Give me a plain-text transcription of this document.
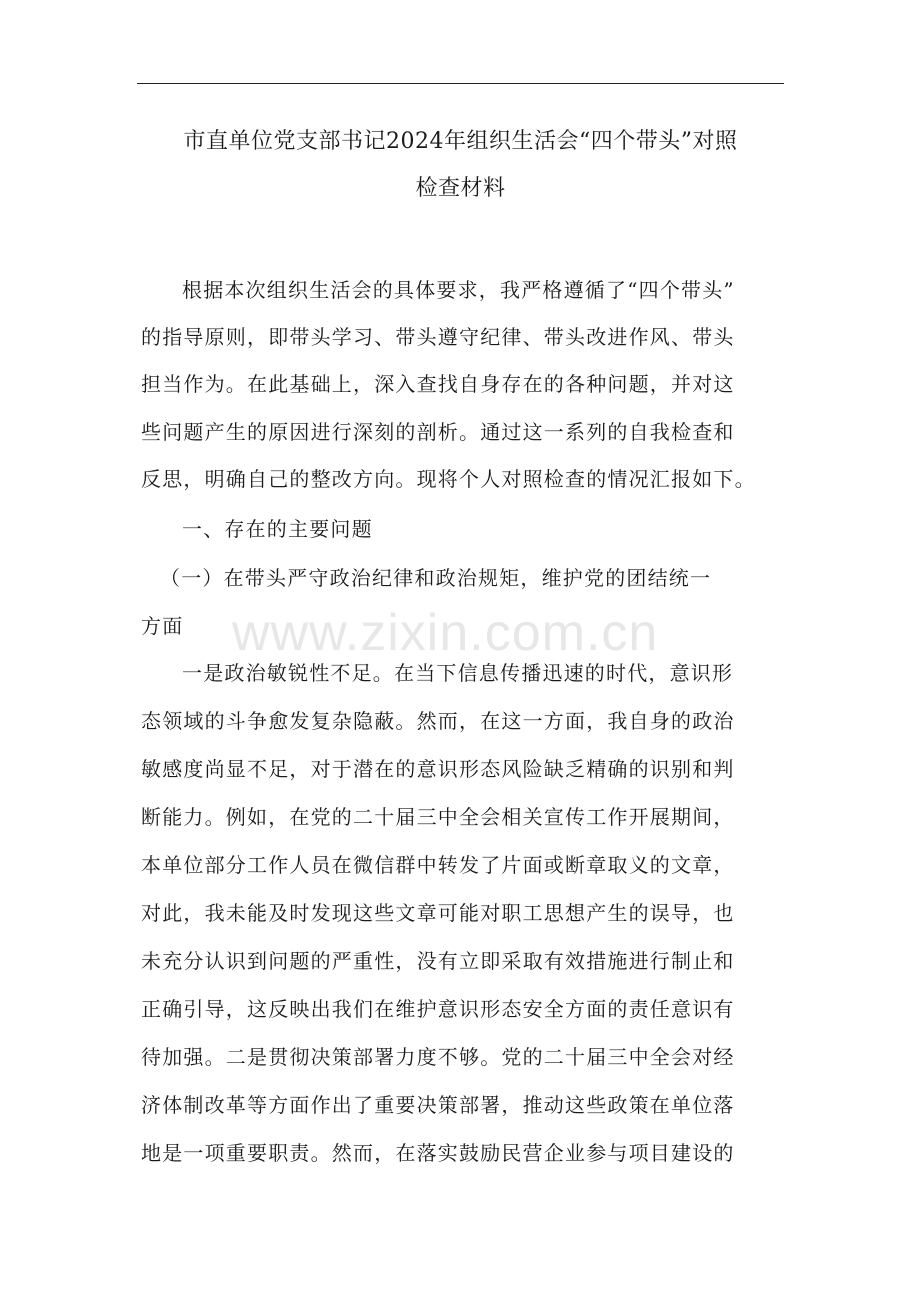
市直单位党支部书记2024年组织生活会“四个带头”对照
检查材料
根据本次组织生活会的具体要求，我严格遵循了“四个带头”
的指导原则，即带头学习、带头遵守纪律、带头改进作风、带头
担当作为。在此基础上，深入查找自身存在的各种问题，并对这
些问题产生的原因进行深刻的剖析。通过这一系列的自我检查和
反思，明确自己的整改方向。现将个人对照检查的情况汇报如下。
一、存在的主要问题
（一）在带头严守政治纪律和政治规矩，维护党的团结统一
方面
一是政治敏锐性不足。在当下信息传播迅速的时代，意识形
态领域的斗争愈发复杂隐蔽。然而，在这一方面，我自身的政治
敏感度尚显不足，对于潜在的意识形态风险缺乏精确的识别和判
断能力。例如，在党的二十届三中全会相关宣传工作开展期间，
本单位部分工作人员在微信群中转发了片面或断章取义的文章，
对此，我未能及时发现这些文章可能对职工思想产生的误导，也
未充分认识到问题的严重性，没有立即采取有效措施进行制止和
正确引导，这反映出我们在维护意识形态安全方面的责任意识有
待加强。二是贯彻决策部署力度不够。党的二十届三中全会对经
济体制改革等方面作出了重要决策部署，推动这些政策在单位落
地是一项重要职责。然而，在落实鼓励民营企业参与项目建设的
www.zixin.com.cn
